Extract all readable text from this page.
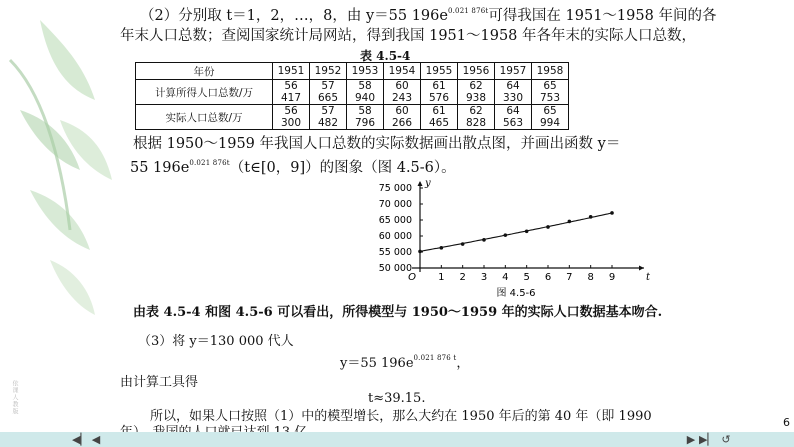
依课人教版
（2）分别取 t＝1，2，…，8，由 y＝55 $196e^{0.021 876t}$可得我国在 1951～1958 年间的各
年末人口总数；查阅国家统计局网站，得到我国 1951～1958 年各年末的实际人口总数，
表 4.5-4
年份	1951	1952	1953	1954	1955	1956	1957	1958
计算所得人口总数/万	56 417	57 665	58 940	60 243	61 576	62 938	64 330	65 753
实际人口总数/万	56 300	57 482	58 796	60 266	61 465	62 828	64 563	65 994
根据 1950～1959 年我国人口总数的实际数据画出散点图，并画出函数 y＝
55 $196e^{0.021 876t}(t\in[0$，9]）的图象（图 4.5-6）。
75 000
70 000
65 000
60 000
55 000
50 000
O 1 2 3 4 5 6 7 8 9	t
y
图 4.5-6
由表 4.5-4 和图 4.5-6 可以看出，所得模型与 1950～1959 年的实际人口数据基本吻合.
（3）将 y＝130 000 代人
y＝55 $196e^{0.021 876 t}$，
由计算工具得
t≈39.15.
所以，如果人口按照（1）中的模型增长，那么大约在 1950 年后的第 40 年（即 1990	6
◀▏ ◀	▶ ▶▏ ↺
